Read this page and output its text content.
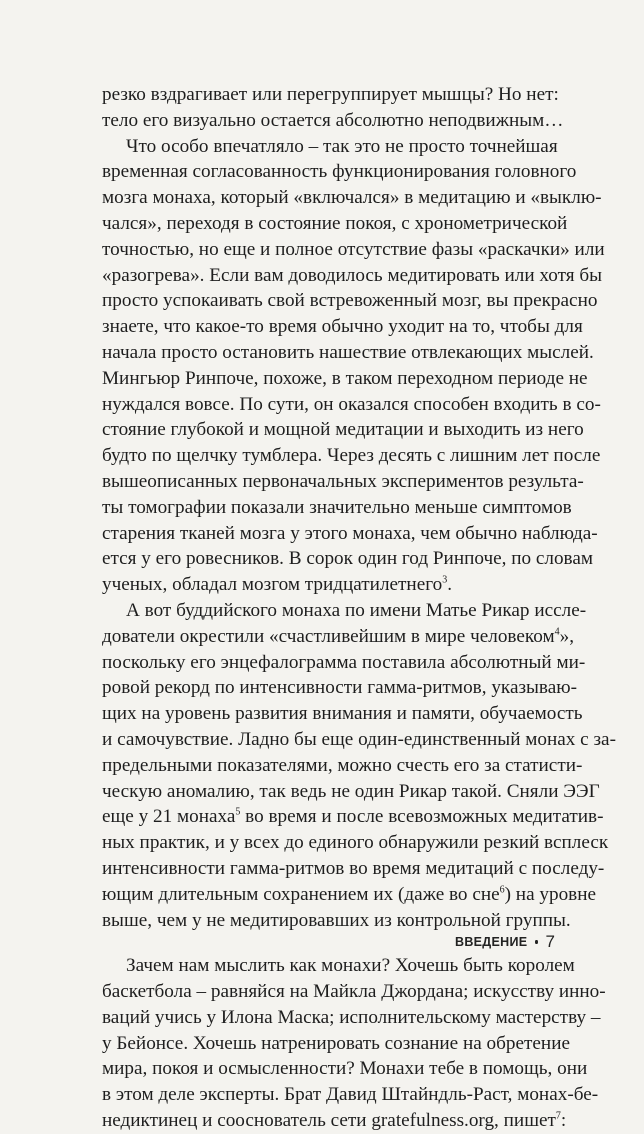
резко вздрагивает или перегруппирует мышцы? Но нет:
тело его визуально остается абсолютно неподвижным…
Что особо впечатляло – так это не просто точнейшая
временная согласованность функционирования головного
мозга монаха, который «включался» в медитацию и «выклю-
чался», переходя в состояние покоя, с хронометрической
точностью, но еще и полное отсутствие фазы «раскачки» или
«разогрева». Если вам доводилось медитировать или хотя бы
просто успокаивать свой встревоженный мозг, вы прекрасно
знаете, что какое-то время обычно уходит на то, чтобы для
начала просто остановить нашествие отвлекающих мыслей.
Мингьюр Ринпоче, похоже, в таком переходном периоде не
нуждался вовсе. По сути, он оказался способен входить в со-
стояние глубокой и мощной медитации и выходить из него
будто по щелчку тумблера. Через десять с лишним лет после
вышеописанных первоначальных экспериментов результа-
ты томографии показали значительно меньше симптомов
старения тканей мозга у этого монаха, чем обычно наблюда-
ется у его ровесников. В сорок один год Ринпоче, по словам
ученых, обладал мозгом тридцатилетнего$^3$.
А вот буддийского монаха по имени Матье Рикар иссле-
дователи окрестили «счастливейшим в мире человеком$^4$»,
поскольку его энцефалограмма поставила абсолютный ми-
ровой рекорд по интенсивности гамма-ритмов, указываю-
щих на уровень развития внимания и памяти, обучаемость
и самочувствие. Ладно бы еще один-единственный монах с за-
предельными показателями, можно счесть его за статисти-
ческую аномалию, так ведь не один Рикар такой. Сняли ЭЭГ
еще у 21 монаха$^5$ во время и после всевозможных медитатив-
ных практик, и у всех до единого обнаружили резкий всплеск
интенсивности гамма-ритмов во время медитаций с последу-
ющим длительным сохранением их (даже во сне$^6$) на уровне
выше, чем у не медитировавших из контрольной группы.
Зачем нам мыслить как монахи? Хочешь быть королем
баскетбола – равняйся на Майкла Джордана; искусству инно-
ваций учись у Илона Маска; исполнительскому мастерству –
у Бейонсе. Хочешь натренировать сознание на обретение
мира, покоя и осмысленности? Монахи тебе в помощь, они
в этом деле эксперты. Брат Давид Штайндль-Раст, монах-бе-
недиктинец и сооснователь сети gratefulness.org, пишет$^7$:
ВВЕДЕНИЕ 7
